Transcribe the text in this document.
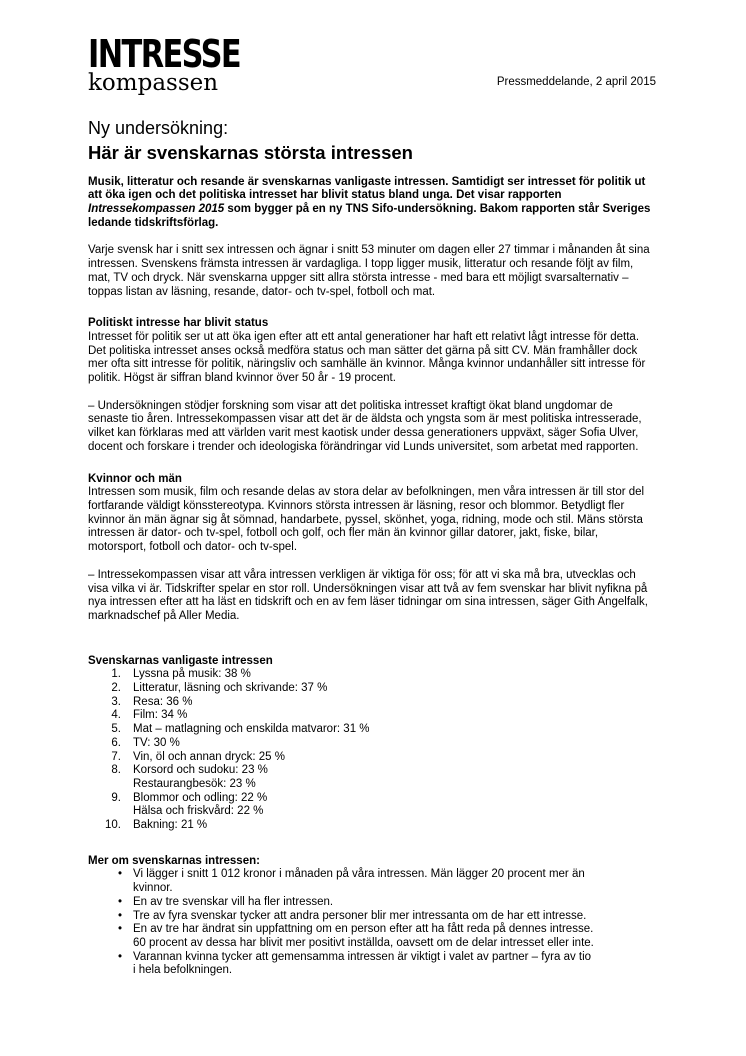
INTRESSE
kompassen	Pressmeddelande, 2 april 2015
Ny undersökning:
Här är svenskarnas största intressen

Musik, litteratur och resande är svenskarnas vanligaste intressen. Samtidigt ser intresset för politik ut att öka igen och det politiska intresset har blivit status bland unga. Det visar rapporten Intressekompassen 2015 som bygger på en ny TNS Sifo-undersökning. Bakom rapporten står Sveriges ledande tidskriftsförlag.

Varje svensk har i snitt sex intressen och ägnar i snitt 53 minuter om dagen eller 27 timmar i månanden åt sina intressen. Svenskens främsta intressen är vardagliga. I topp ligger musik, litteratur och resande följt av film, mat, TV och dryck. När svenskarna uppger sitt allra största intresse - med bara ett möjligt svarsalternativ – toppas listan av läsning, resande, dator- och tv-spel, fotboll och mat.

Politiskt intresse har blivit status

Intresset för politik ser ut att öka igen efter att ett antal generationer har haft ett relativt lågt intresse för detta. Det politiska intresset anses också medföra status och man sätter det gärna på sitt CV. Män framhåller dock mer ofta sitt intresse för politik, näringsliv och samhälle än kvinnor. Många kvinnor undanhåller sitt intresse för politik. Högst är siffran bland kvinnor över 50 år - 19 procent.

– Undersökningen stödjer forskning som visar att det politiska intresset kraftigt ökat bland ungdomar de senaste tio åren. Intressekompassen visar att det är de äldsta och yngsta som är mest politiska intresserade, vilket kan förklaras med att världen varit mest kaotisk under dessa generationers uppväxt, säger Sofia Ulver, docent och forskare i trender och ideologiska förändringar vid Lunds universitet, som arbetat med rapporten.

Kvinnor och män

Intressen som musik, film och resande delas av stora delar av befolkningen, men våra intressen är till stor del fortfarande väldigt könsstereotypa. Kvinnors största intressen är läsning, resor och blommor. Betydligt fler kvinnor än män ägnar sig åt sömnad, handarbete, pyssel, skönhet, yoga, ridning, mode och stil. Mäns största intressen är dator- och tv-spel, fotboll och golf, och fler män än kvinnor gillar datorer, jakt, fiske, bilar, motorsport, fotboll och dator- och tv-spel.

– Intressekompassen visar att våra intressen verkligen är viktiga för oss; för att vi ska må bra, utvecklas och visa vilka vi är. Tidskrifter spelar en stor roll. Undersökningen visar att två av fem svenskar har blivit nyfikna på nya intressen efter att ha läst en tidskrift och en av fem läser tidningar om sina intressen, säger Gith Angelfalk, marknadschef på Aller Media.

Svenskarnas vanligaste intressen
1.	Lyssna på musik: 38 %
2.	Litteratur, läsning och skrivande: 37 %
3.	Resa: 36 %
4.	Film: 34 %
5.	Mat – matlagning och enskilda matvaror: 31 %
6.	TV: 30 %
7.	Vin, öl och annan dryck: 25 %
8.	Korsord och sudoku: 23 %
Restaurangbesök: 23 %
9.	Blommor och odling: 22 %
Hälsa och friskvård: 22 %
10.	Bakning: 21 %
Mer om svenskarnas intressen:
• Vi lägger i snitt 1 012 kronor i månaden på våra intressen. Män lägger 20 procent mer än kvinnor.
• En av tre svenskar vill ha fler intressen.
• Tre av fyra svenskar tycker att andra personer blir mer intressanta om de har ett intresse.
• En av tre har ändrat sin uppfattning om en person efter att ha fått reda på dennes intresse. 60 procent av dessa har blivit mer positivt inställda, oavsett om de delar intresset eller inte.
• Varannan kvinna tycker att gemensamma intressen är viktigt i valet av partner – fyra av tio i hela befolkningen.
